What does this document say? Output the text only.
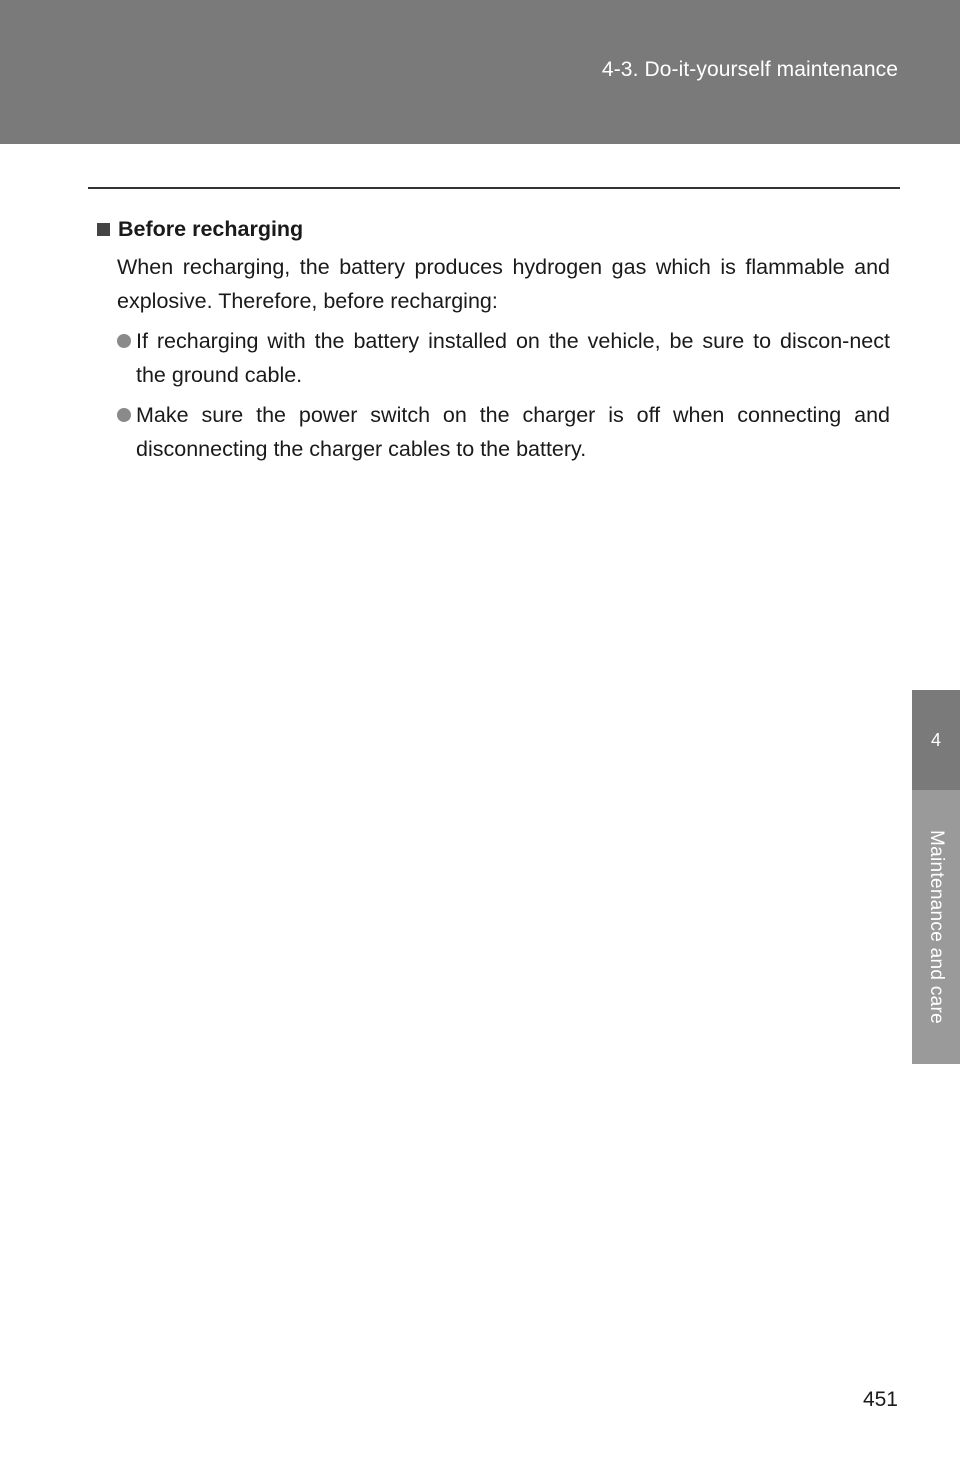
4-3. Do-it-yourself maintenance
4
Maintenance and care

Before recharging

When recharging, the battery produces hydrogen gas which is flammable and explosive. Therefore, before recharging:

If recharging with the battery installed on the vehicle, be sure to discon-nect the ground cable.
Make sure the power switch on the charger is off when connecting and disconnecting the charger cables to the battery.
451
